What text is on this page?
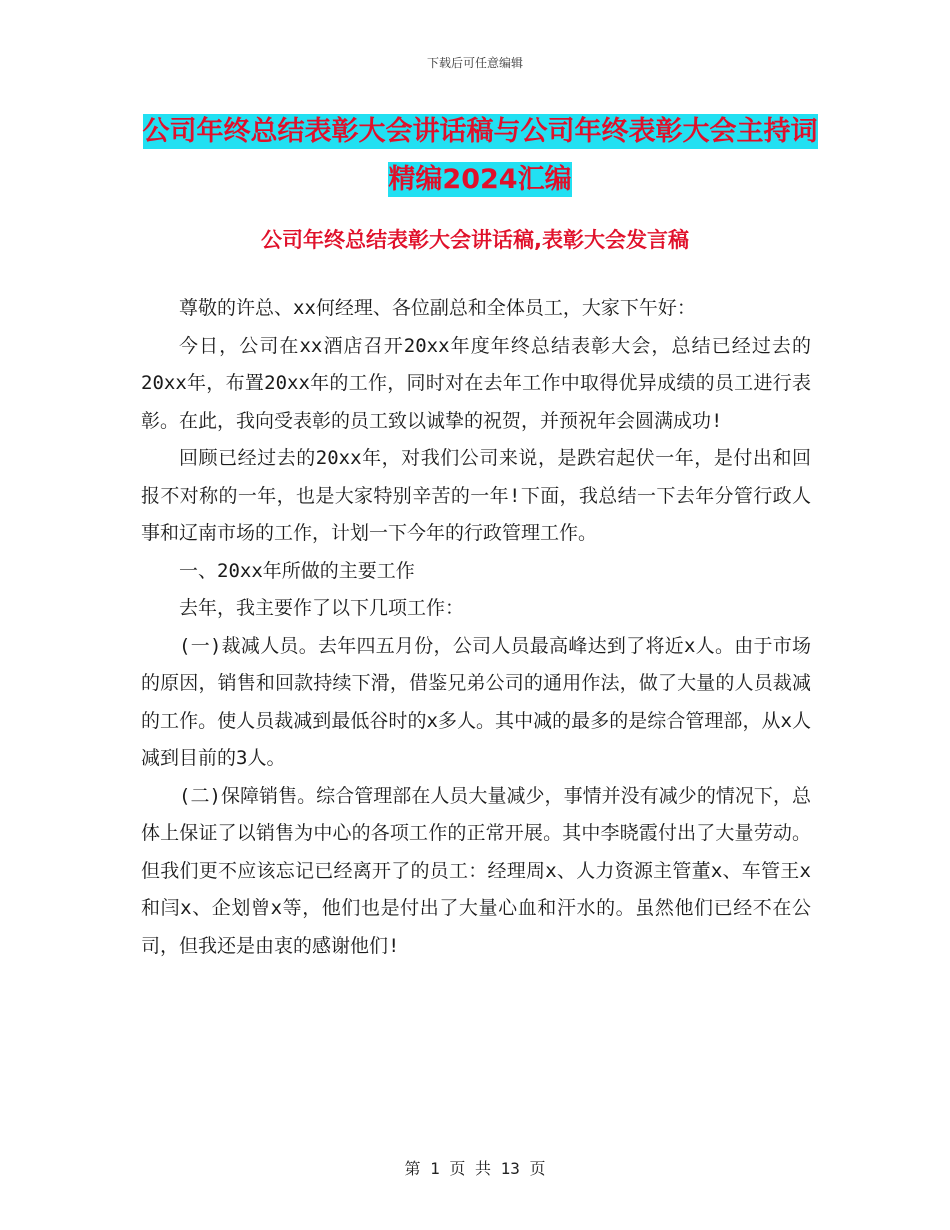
下载后可任意编辑
公司年终总结表彰大会讲话稿与公司年终表彰大会主持词精编2024汇编
公司年终总结表彰大会讲话稿,表彰大会发言稿

尊敬的许总、xx何经理、各位副总和全体员工，大家下午好：

今日，公司在xx酒店召开20xx年度年终总结表彰大会，总结已经过去的20xx年，布置20xx年的工作，同时对在去年工作中取得优异成绩的员工进行表彰。在此，我向受表彰的员工致以诚挚的祝贺，并预祝年会圆满成功!

回顾已经过去的20xx年，对我们公司来说，是跌宕起伏一年，是付出和回报不对称的一年，也是大家特别辛苦的一年!下面，我总结一下去年分管行政人事和辽南市场的工作，计划一下今年的行政管理工作。

一、20xx年所做的主要工作

去年，我主要作了以下几项工作：

(一)裁减人员。去年四五月份，公司人员最高峰达到了将近x人。由于市场的原因，销售和回款持续下滑，借鉴兄弟公司的通用作法，做了大量的人员裁减的工作。使人员裁减到最低谷时的x多人。其中减的最多的是综合管理部，从x人减到目前的3人。

(二)保障销售。综合管理部在人员大量减少，事情并没有减少的情况下，总体上保证了以销售为中心的各项工作的正常开展。其中李晓霞付出了大量劳动。但我们更不应该忘记已经离开了的员工：经理周x、人力资源主管董x、车管王x和闫x、企划曾x等，他们也是付出了大量心血和汗水的。虽然他们已经不在公司，但我还是由衷的感谢他们!

第 1 页 共 13 页
